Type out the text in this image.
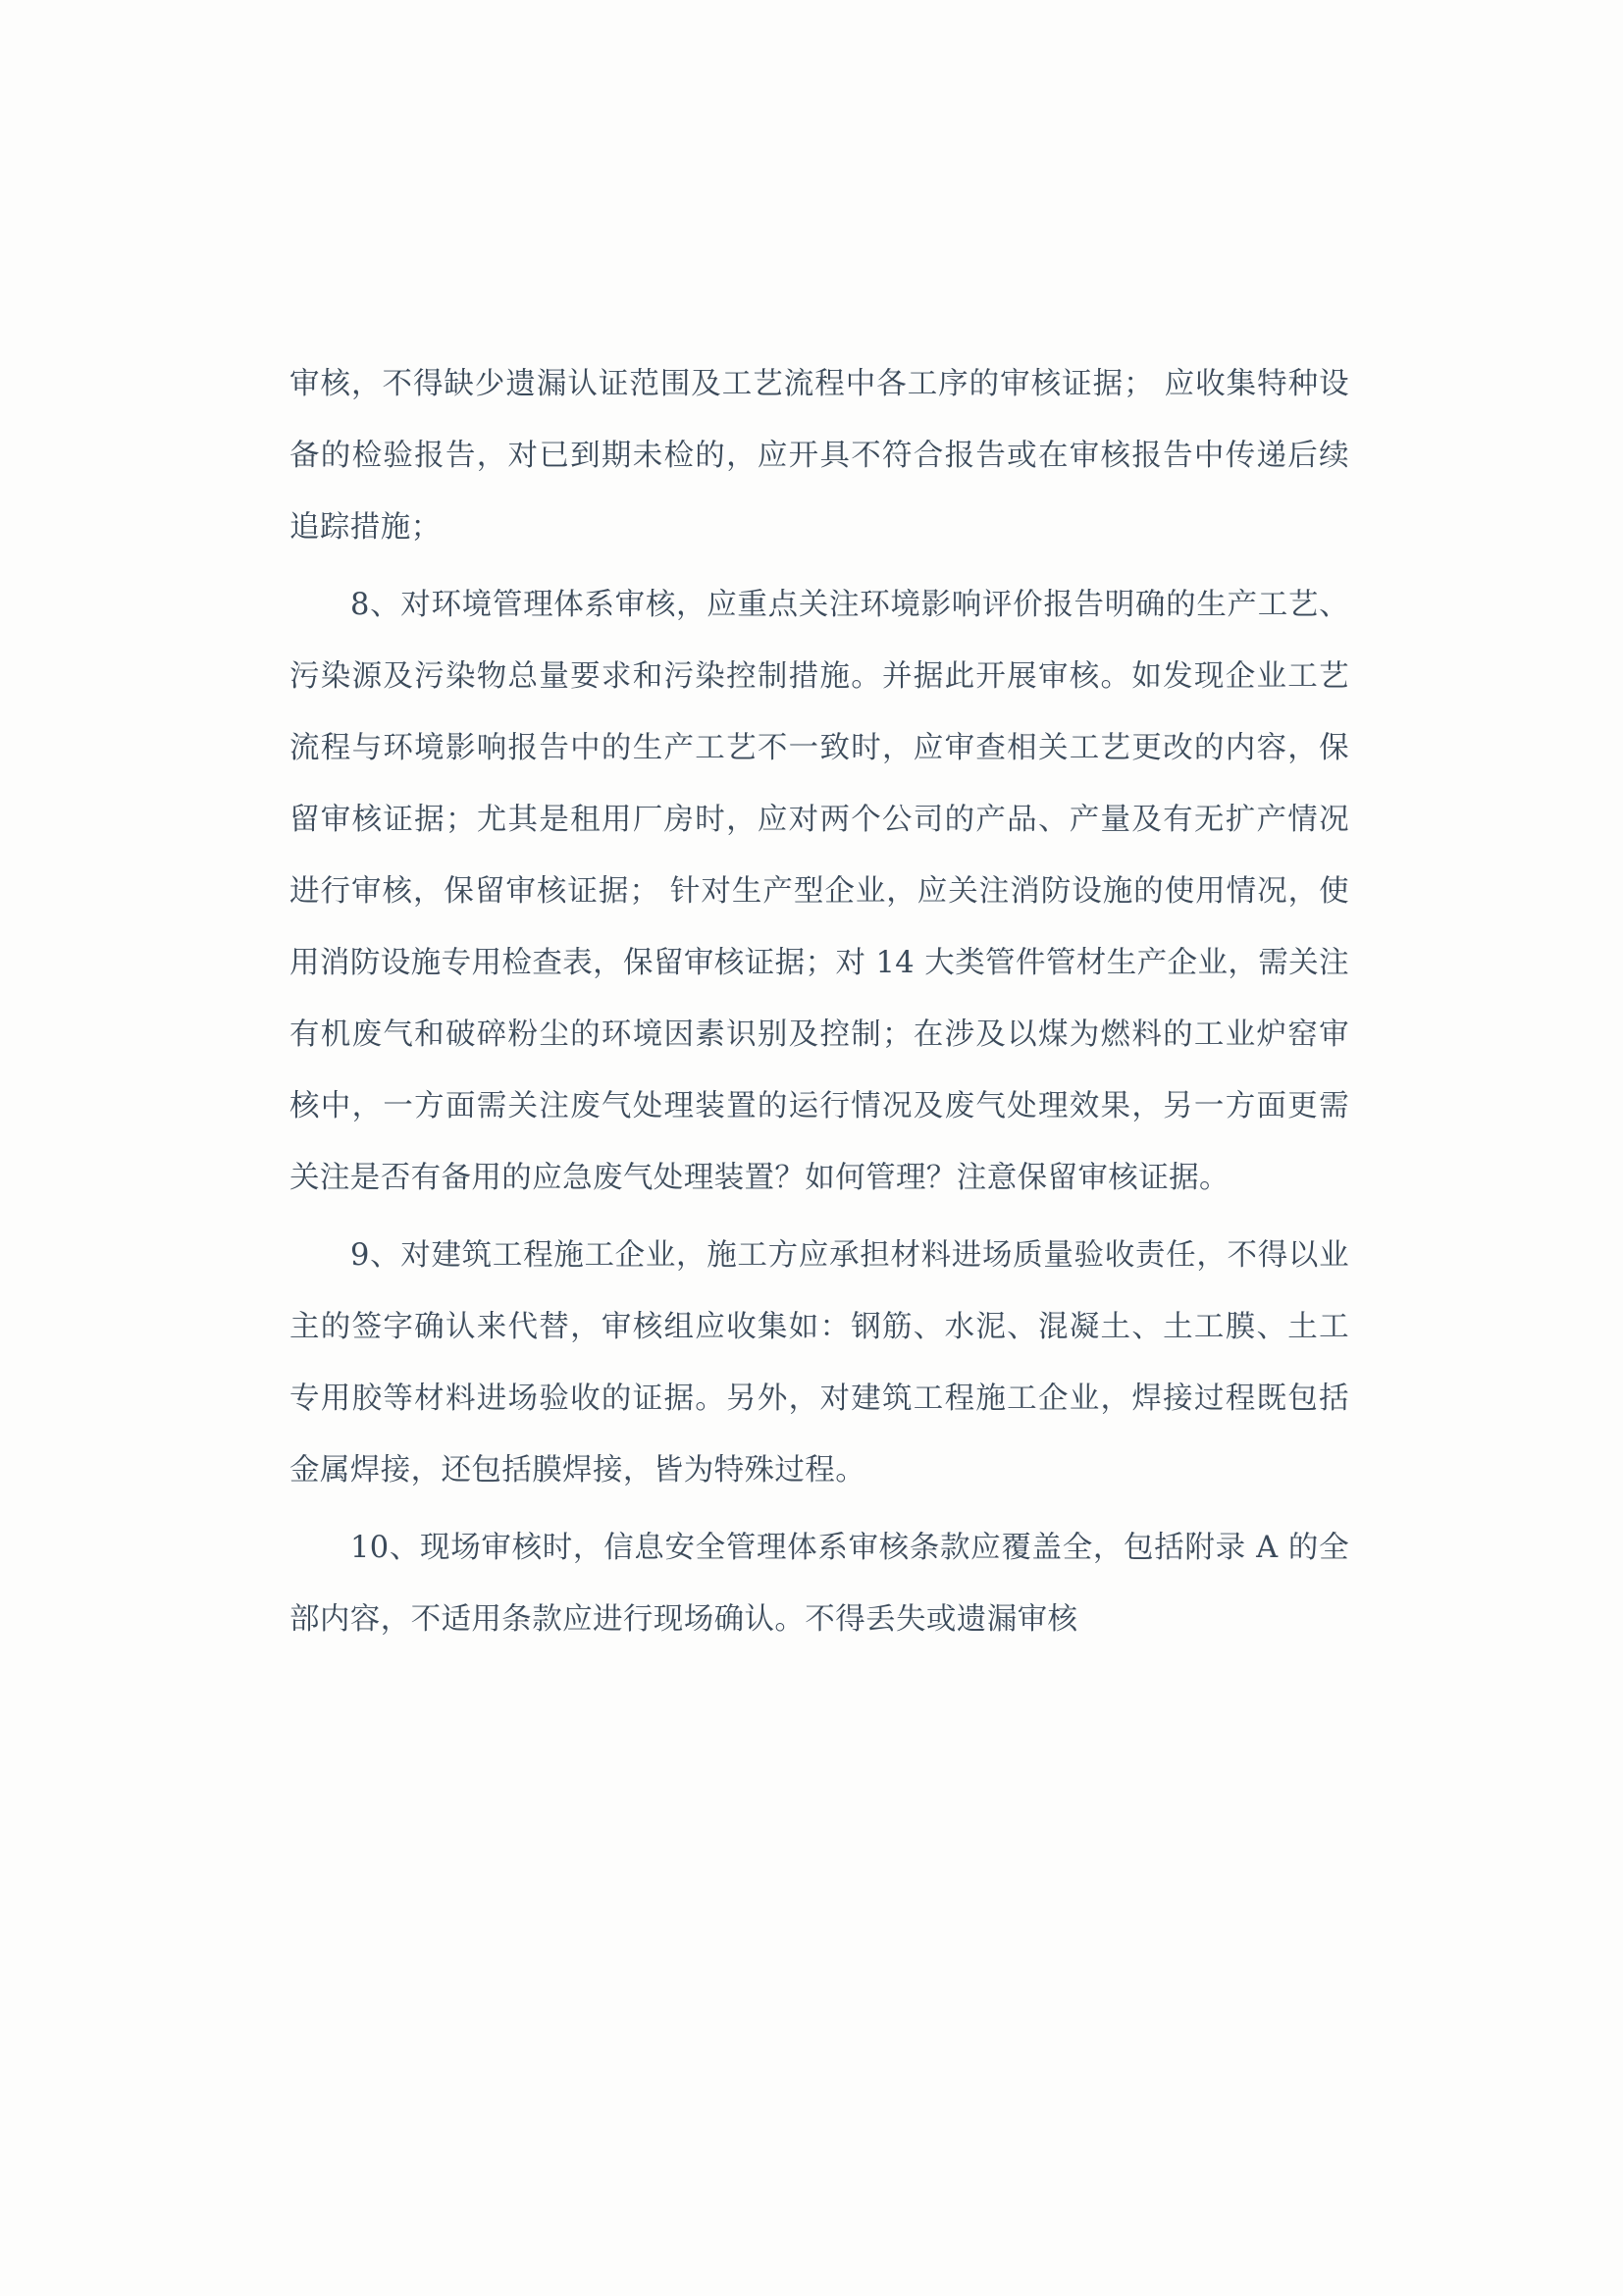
审核，不得缺少遗漏认证范围及工艺流程中各工序的审核证据； 应收集特种设备的检验报告，对已到期未检的，应开具不符合报告或在审核报告中传递后续追踪措施；

8、对环境管理体系审核，应重点关注环境影响评价报告明确的生产工艺、污染源及污染物总量要求和污染控制措施。并据此开展审核。如发现企业工艺流程与环境影响报告中的生产工艺不一致时，应审查相关工艺更改的内容，保留审核证据；尤其是租用厂房时，应对两个公司的产品、产量及有无扩产情况进行审核，保留审核证据； 针对生产型企业，应关注消防设施的使用情况，使用消防设施专用检查表，保留审核证据；对 14 大类管件管材生产企业，需关注有机废气和破碎粉尘的环境因素识别及控制；在涉及以煤为燃料的工业炉窑审核中，一方面需关注废气处理装置的运行情况及废气处理效果，另一方面更需关注是否有备用的应急废气处理装置？如何管理？注意保留审核证据。

9、对建筑工程施工企业，施工方应承担材料进场质量验收责任，不得以业主的签字确认来代替，审核组应收集如：钢筋、水泥、混凝土、土工膜、土工专用胶等材料进场验收的证据。另外，对建筑工程施工企业，焊接过程既包括金属焊接，还包括膜焊接，皆为特殊过程。

10、现场审核时，信息安全管理体系审核条款应覆盖全，包括附录 A 的全部内容，不适用条款应进行现场确认。不得丢失或遗漏审核
